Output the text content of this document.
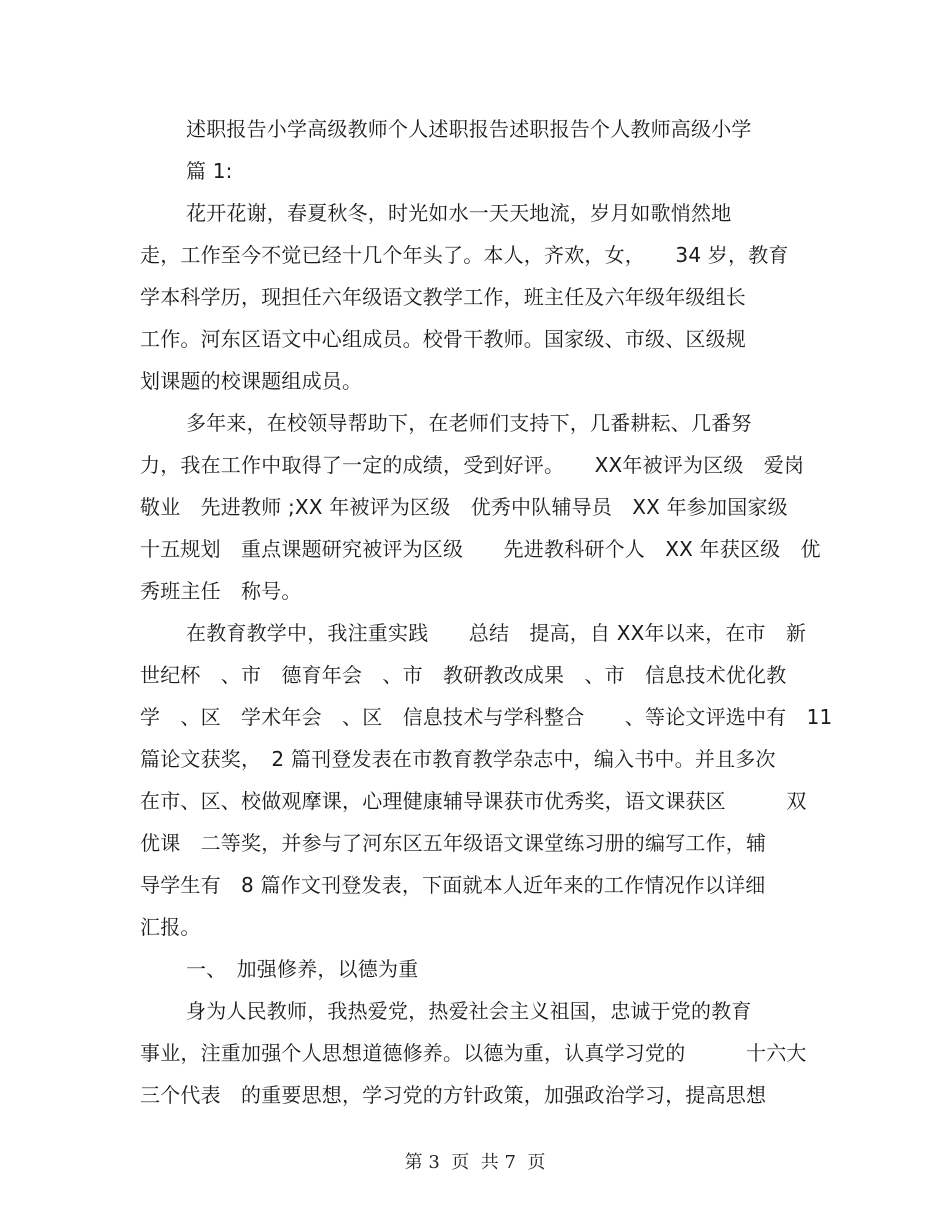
述职报告小学高级教师个人述职报告述职报告个人教师高级小学
篇 1:
花开花谢，春夏秋冬，时光如水一天天地流，岁月如歌悄然地
走，工作至今不觉已经十几个年头了。本人，齐欢，女，　　34 岁，教育
学本科学历，现担任六年级语文教学工作，班主任及六年级年级组长
工作。河东区语文中心组成员。校骨干教师。国家级、市级、区级规
划课题的校课题组成员。
多年来，在校领导帮助下，在老师们支持下，几番耕耘、几番努
力，我在工作中取得了一定的成绩，受到好评。　　XX年被评为区级　爱岗
敬业　先进教师 ;XX 年被评为区级　优秀中队辅导员　XX 年参加国家级
十五规划　重点课题研究被评为区级　　先进教科研个人　XX 年获区级　优
秀班主任　称号。
在教育教学中，我注重实践　　总结　提高，自 XX年以来，在市　新
世纪杯　、市　德育年会　、市　教研教改成果　、市　信息技术优化教
学　、区　学术年会　、区　信息技术与学科整合　　、等论文评选中有　11
篇论文获奖，　2 篇刊登发表在市教育教学杂志中，编入书中。并且多次
在市、区、校做观摩课，心理健康辅导课获市优秀奖，语文课获区　　　双
优课　二等奖，并参与了河东区五年级语文课堂练习册的编写工作，辅
导学生有　8 篇作文刊登发表，下面就本人近年来的工作情况作以详细
汇报。
一、　加强修养，以德为重
身为人民教师，我热爱党，热爱社会主义祖国，忠诚于党的教育
事业，注重加强个人思想道德修养。以德为重，认真学习党的　　　十六大
三个代表　的重要思想，学习党的方针政策，加强政治学习，提高思想
第 3  页  共 7  页
